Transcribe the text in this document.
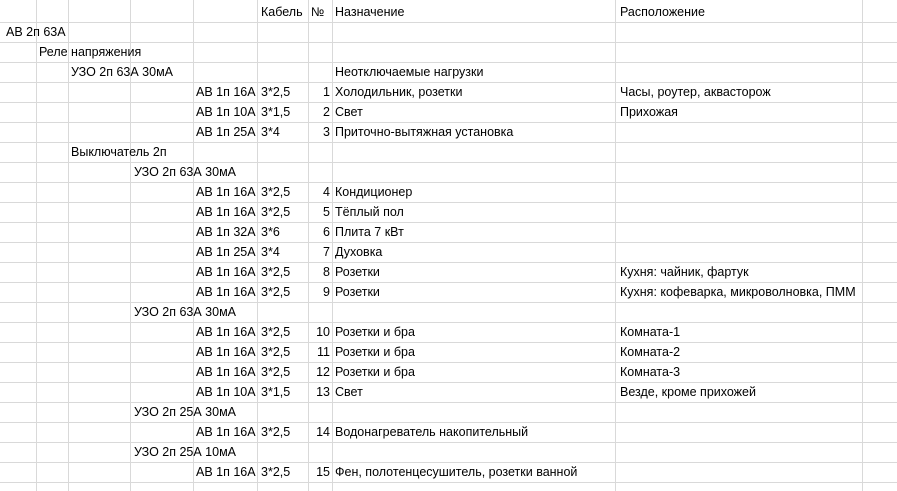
Кабель № Назначение	Расположение
АВ 2п 63А
Реле напряжения
УЗО 2п 63А 30мА	Неотключаемые нагрузки
АВ 1п 16А 3*2,5	1 Холодильник, розетки	Часы, роутер, аквасторож
АВ 1п 10А 3*1,5	2 Свет	Прихожая
АВ 1п 25А 3*4	3 Приточно-вытяжная установка
Выключатель 2п
УЗО 2п 63А 30мА
АВ 1п 16А 3*2,5	4 Кондиционер
АВ 1п 16А 3*2,5	5 Тёплый пол
АВ 1п 32А 3*6	6 Плита 7 кВт
АВ 1п 25А 3*4	7 Духовка
АВ 1п 16А 3*2,5	8 Розетки	Кухня: чайник, фартук
АВ 1п 16А 3*2,5	9 Розетки	Кухня: кофеварка, микроволновка, ПММ
УЗО 2п 63А 30мА
АВ 1п 16А 3*2,5	10 Розетки и бра	Комната-1
АВ 1п 16А 3*2,5	11 Розетки и бра	Комната-2
АВ 1п 16А 3*2,5	12 Розетки и бра	Комната-3
АВ 1п 10А 3*1,5	13 Свет	Везде, кроме прихожей
УЗО 2п 25А 30мА
АВ 1п 16А 3*2,5	14 Водонагреватель накопительный
УЗО 2п 25А 10мА
АВ 1п 16А 3*2,5	15 Фен, полотенцесушитель, розетки ванной
